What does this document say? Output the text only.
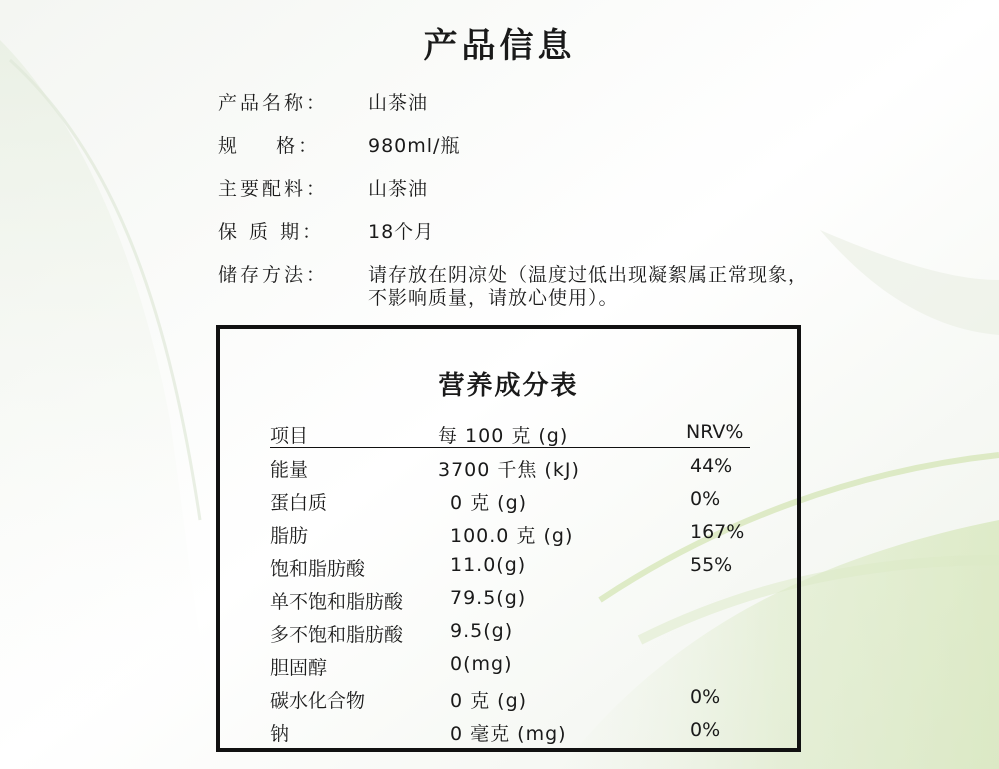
产品信息
产品名称： 山茶油
规    格：	980ml/瓶
主要配料： 山茶油
保 质 期： 18个月
储存方法： 请存放在阴凉处（温度过低出现凝絮属正常现象，不影响质量，请放心使用）。
营养成分表
项目	每 100 克 (g)	NRV%
能量	3700 千焦 (kJ)	44%
蛋白质	0 克 (g)	0%
脂肪	100.0 克 (g)	167%
饱和脂肪酸	11.0(g)	55%
单不饱和脂肪酸 79.5(g)
多不饱和脂肪酸 9.5(g)
胆固醇	0(mg)
碳水化合物	0 克 (g)	0%
钠	0 毫克 (mg)	0%
